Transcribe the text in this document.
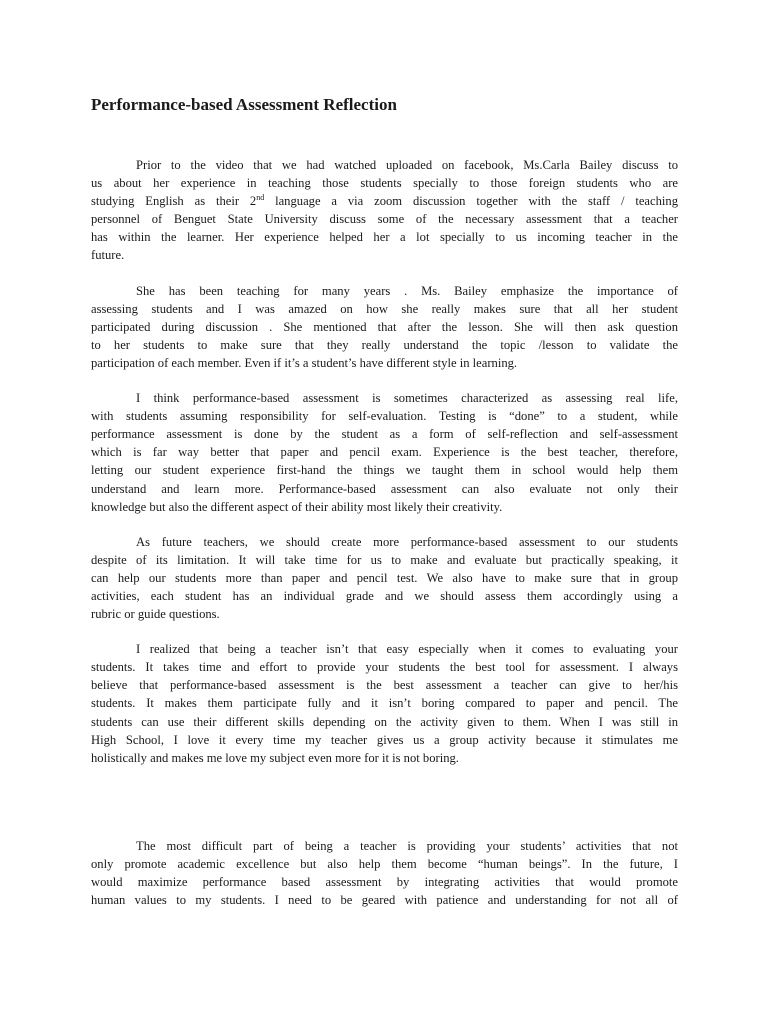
Performance-based Assessment Reflection
Prior to the video that we had watched uploaded on facebook, Ms.Carla Bailey discuss to
us about her experience in teaching those students specially to those foreign students who are
studying English as their 2nd language a via zoom discussion together with the staff / teaching
personnel of Benguet State University discuss some of the necessary assessment that a teacher
has within the learner. Her experience helped her a lot specially to us incoming teacher in the
future.
She has been teaching for many years . Ms. Bailey emphasize the importance of
assessing students and I was amazed on how she really makes sure that all her student
participated during discussion . She mentioned that after the lesson. She will then ask question
to her students to make sure that they really understand the topic /lesson to validate the
participation of each member. Even if it’s a student’s have different style in learning.
I think performance-based assessment is sometimes characterized as assessing real life,
with students assuming responsibility for self-evaluation. Testing is “done” to a student, while
performance assessment is done by the student as a form of self-reflection and self-assessment
which is far way better that paper and pencil exam. Experience is the best teacher, therefore,
letting our student experience first-hand the things we taught them in school would help them
understand and learn more. Performance-based assessment can also evaluate not only their
knowledge but also the different aspect of their ability most likely their creativity.
As future teachers, we should create more performance-based assessment to our students
despite of its limitation. It will take time for us to make and evaluate but practically speaking, it
can help our students more than paper and pencil test. We also have to make sure that in group
activities, each student has an individual grade and we should assess them accordingly using a
rubric or guide questions.
I realized that being a teacher isn’t that easy especially when it comes to evaluating your
students. It takes time and effort to provide your students the best tool for assessment. I always
believe that performance-based assessment is the best assessment a teacher can give to her/his
students. It makes them participate fully and it isn’t boring compared to paper and pencil. The
students can use their different skills depending on the activity given to them. When I was still in
High School, I love it every time my teacher gives us a group activity because it stimulates me
holistically and makes me love my subject even more for it is not boring.
The most difficult part of being a teacher is providing your students’ activities that not
only promote academic excellence but also help them become “human beings”. In the future, I
would maximize performance based assessment by integrating activities that would promote
human values to my students. I need to be geared with patience and understanding for not all of
